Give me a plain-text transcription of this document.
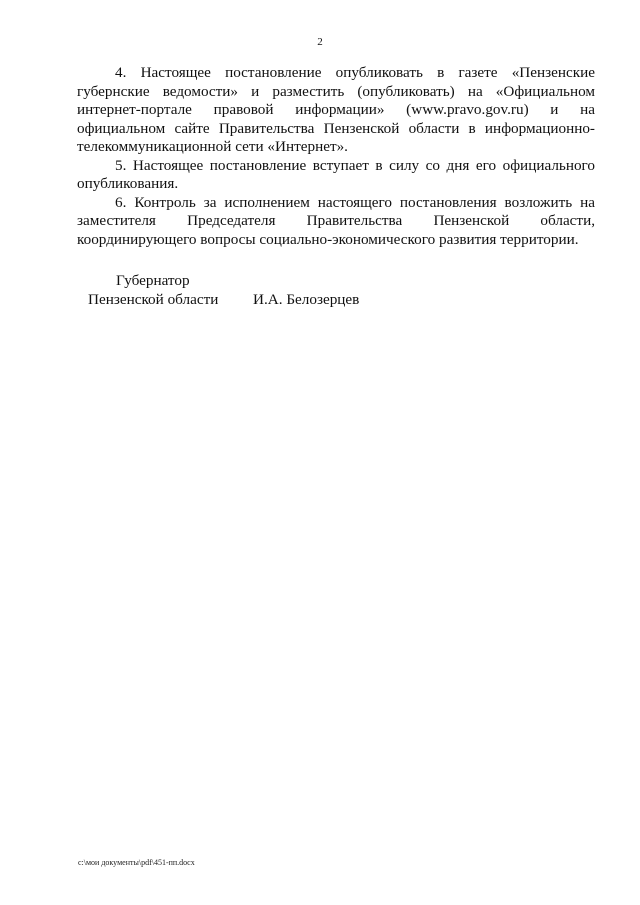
2

4. Настоящее постановление опубликовать в газете «Пензенские губернские ведомости» и разместить (опубликовать) на «Официальном интернет-портале правовой информации» (www.pravo.gov.ru) и на официальном сайте Правительства Пензенской области в информационно-телекоммуникационной сети «Интернет».

5. Настоящее постановление вступает в силу со дня его официального опубликования.

6. Контроль за исполнением настоящего постановления возложить на заместителя Председателя Правительства Пензенской области, координирующего вопросы социально-экономического развития территории.

Губернатор
Пензенской области И.А. Белозерцев
c:\мои документы\pdf\451-пп.docx
